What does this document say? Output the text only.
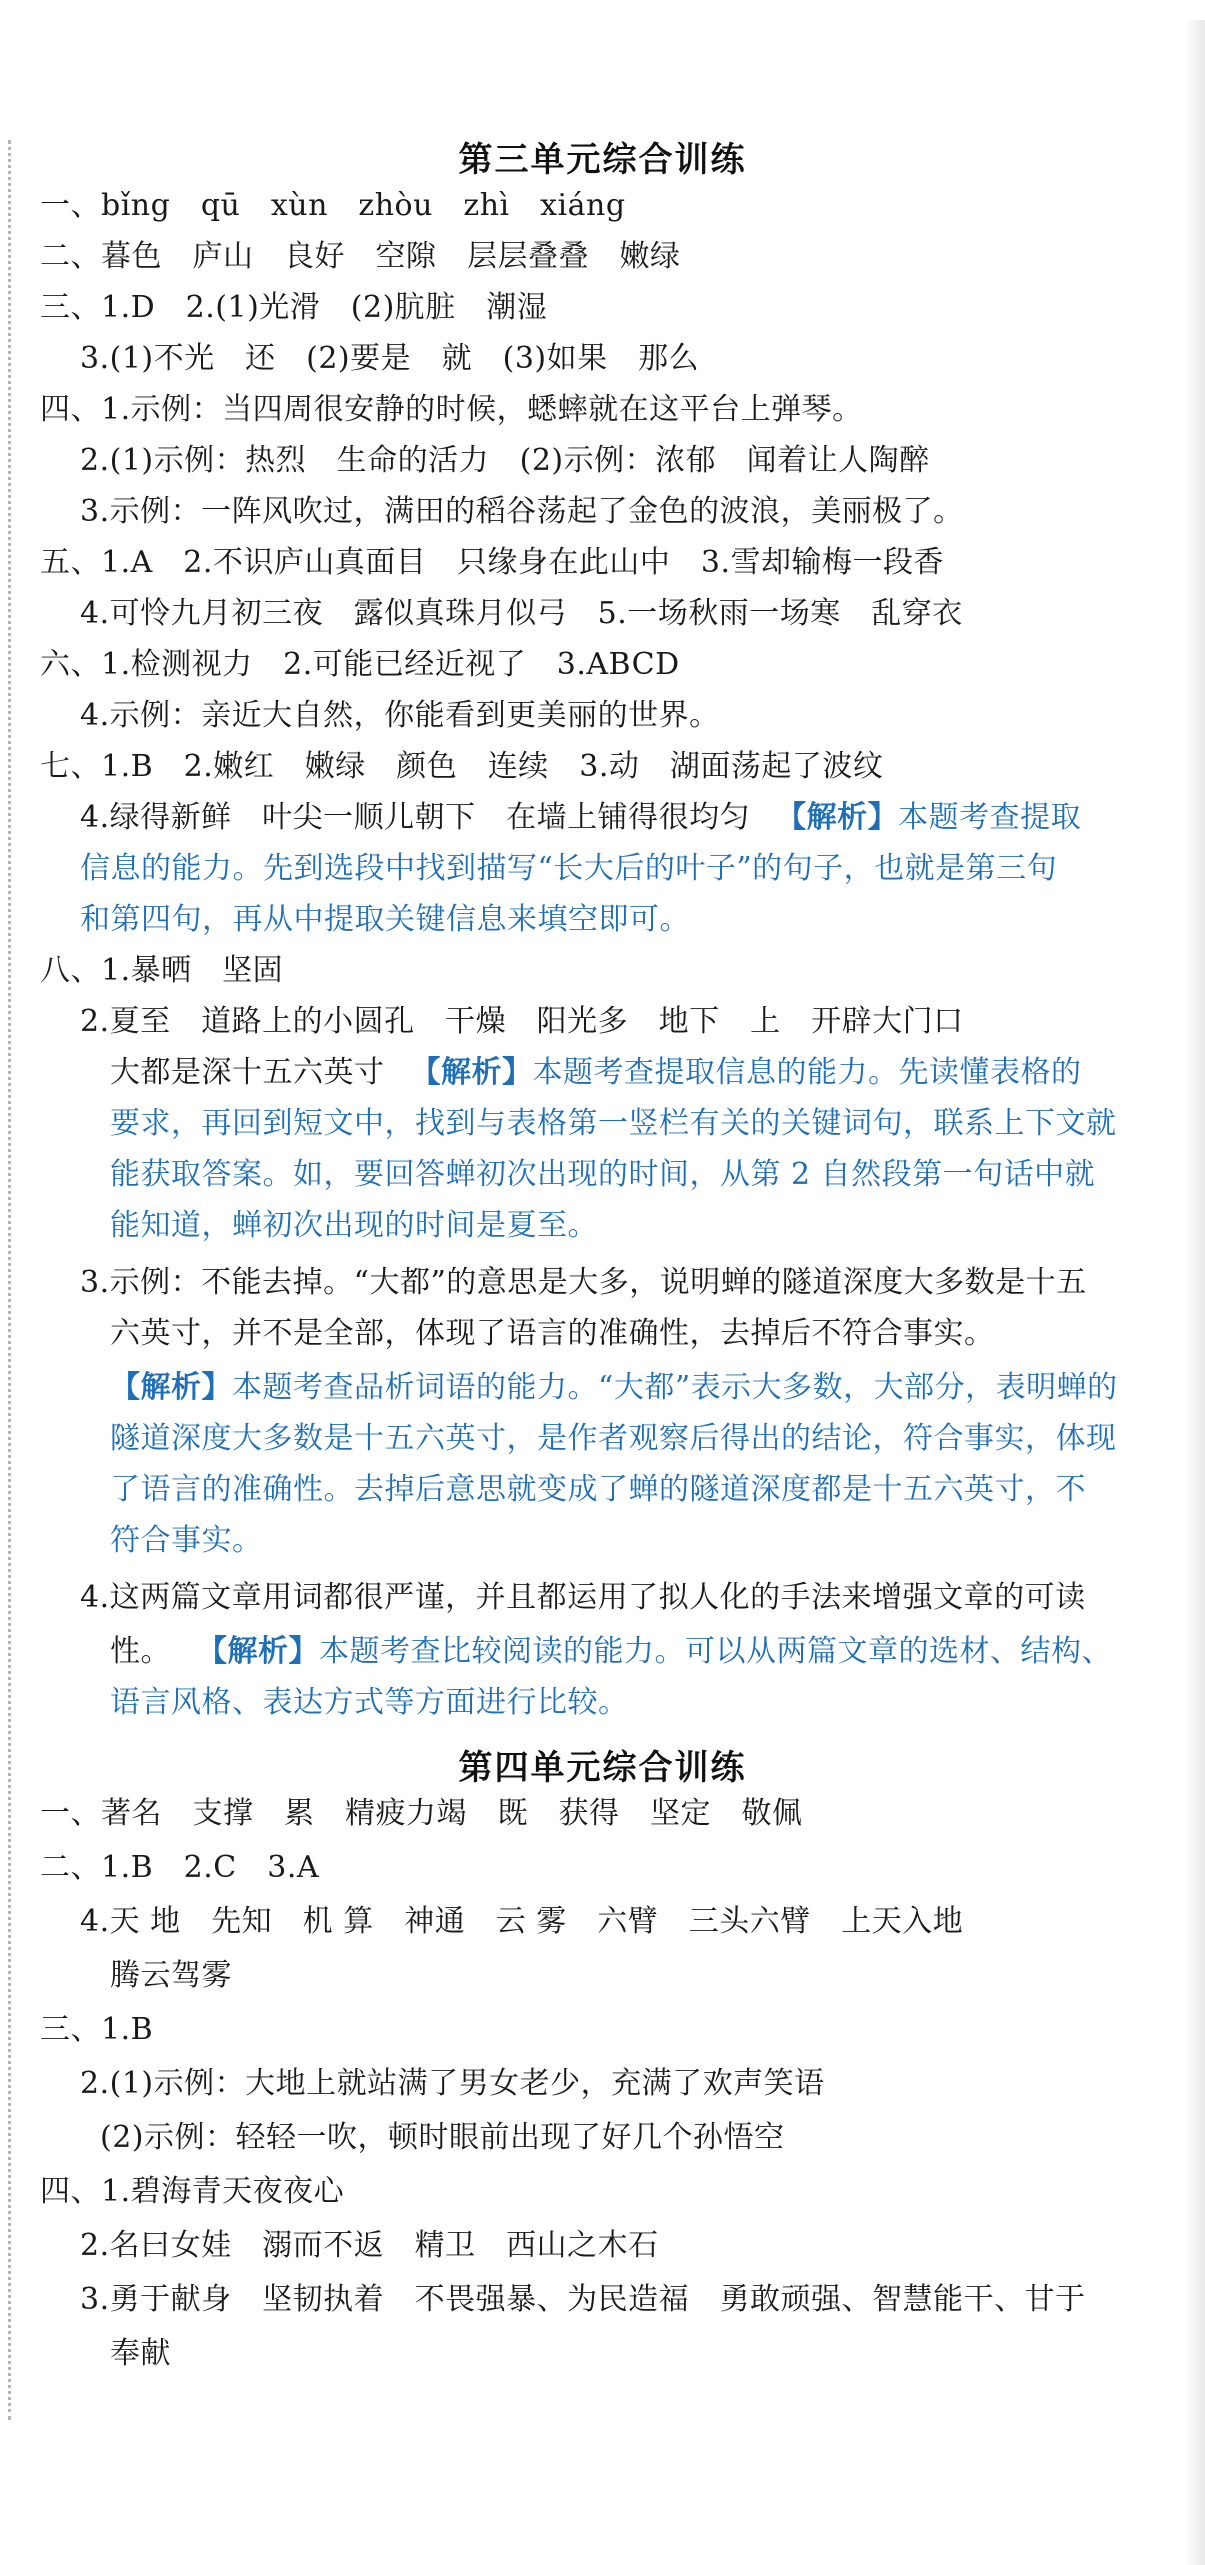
第三单元综合训练
一、bǐng　qū　xùn　zhòu　zhì　xiáng
二、暮色　庐山　良好　空隙　层层叠叠　嫩绿
三、1.D　2.(1)光滑　(2)肮脏　潮湿
3.(1)不光　还　(2)要是　就　(3)如果　那么
四、1.示例：当四周很安静的时候，蟋蟀就在这平台上弹琴。
2.(1)示例：热烈　生命的活力　(2)示例：浓郁　闻着让人陶醉
3.示例：一阵风吹过，满田的稻谷荡起了金色的波浪，美丽极了。
五、1.A　2.不识庐山真面目　只缘身在此山中　3.雪却输梅一段香
4.可怜九月初三夜　露似真珠月似弓　5.一场秋雨一场寒　乱穿衣
六、1.检测视力　2.可能已经近视了　3.ABCD
4.示例：亲近大自然，你能看到更美丽的世界。
七、1.B　2.嫩红　嫩绿　颜色　连续　3.动　湖面荡起了波纹
4.绿得新鲜　叶尖一顺儿朝下　在墙上铺得很均匀 【解析】本题考查提取
信息的能力。先到选段中找到描写“长大后的叶子”的句子，也就是第三句
和第四句，再从中提取关键信息来填空即可。
八、1.暴晒　坚固
2.夏至　道路上的小圆孔　干燥　阳光多　地下　上　开辟大门口
大都是深十五六英寸 【解析】本题考查提取信息的能力。先读懂表格的
要求，再回到短文中，找到与表格第一竖栏有关的关键词句，联系上下文就
能获取答案。如，要回答蝉初次出现的时间，从第 2 自然段第一句话中就
能知道，蝉初次出现的时间是夏至。
3.示例：不能去掉。“大都”的意思是大多，说明蝉的隧道深度大多数是十五
六英寸，并不是全部，体现了语言的准确性，去掉后不符合事实。
【解析】本题考查品析词语的能力。“大都”表示大多数，大部分，表明蝉的
隧道深度大多数是十五六英寸，是作者观察后得出的结论，符合事实，体现
了语言的准确性。去掉后意思就变成了蝉的隧道深度都是十五六英寸，不
符合事实。
4.这两篇文章用词都很严谨，并且都运用了拟人化的手法来增强文章的可读
性。 【解析】本题考查比较阅读的能力。可以从两篇文章的选材、结构、
语言风格、表达方式等方面进行比较。
第四单元综合训练
一、著名　支撑　累　精疲力竭　既　获得　坚定　敬佩
二、1.B　2.C　3.A
4.天 地　先知　机 算　神通　云 雾　六臂　三头六臂　上天入地
腾云驾雾
三、1.B
2.(1)示例：大地上就站满了男女老少，充满了欢声笑语
(2)示例：轻轻一吹，顿时眼前出现了好几个孙悟空
四、1.碧海青天夜夜心
2.名曰女娃　溺而不返　精卫　西山之木石
3.勇于献身　坚韧执着　不畏强暴、为民造福　勇敢顽强、智慧能干、甘于
奉献
